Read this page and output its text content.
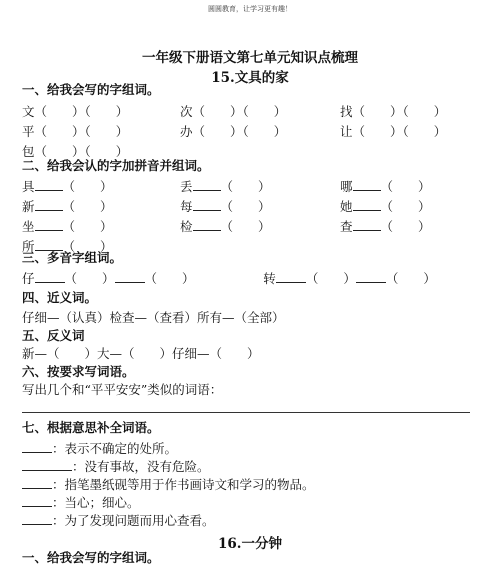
圆圆教育，让学习更有趣！
一年级下册语文第七单元知识点梳理
15.文具的家
一、给我会写的字组词。
文（　　）（　　）	次（　　）（　　）	找（　　）（　　）
平（　　）（　　）	办（　　）（　　）	让（　　）（　　）
包（　　）（　　）
二、给我会认的字加拼音并组词。
具 （　　）	丢 （　　）	哪 （　　）
新 （　　）	每 （　　）	她 （　　）
坐 （　　）	检 （　　）	查 （　　）
所 （　　）
三、多音字组词。
仔 （　　） （　　）　　　　　　转 （　　） （　　）
四、近义词。
仔细—（认真）检查—（查看）所有—（全部）
五、反义词
新—（　　）大—（　　）仔细—（　　）
六、按要求写词语。
写出几个和“平平安安”类似的词语：
七、根据意思补全词语。
：表示不确定的处所。
：没有事故，没有危险。
：指笔墨纸砚等用于作书画诗文和学习的物品。
：当心；细心。
：为了发现问题而用心查看。
16.一分钟
一、给我会写的字组词。
